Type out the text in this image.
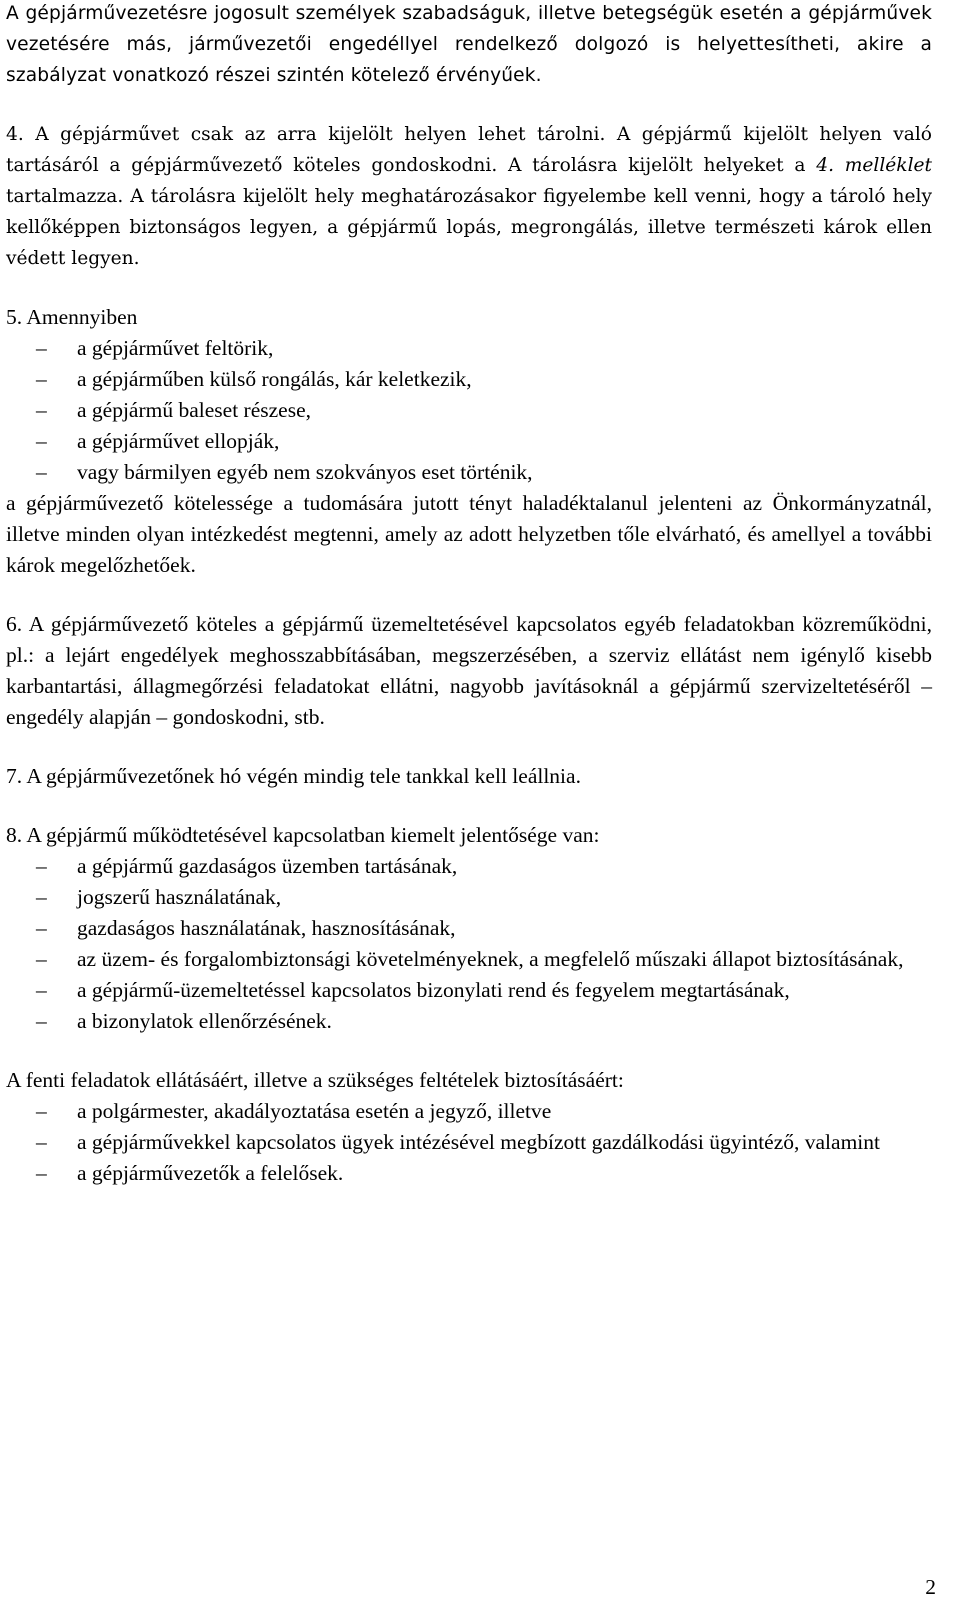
A gépjárművezetésre jogosult személyek szabadságuk, illetve betegségük esetén a gépjárművek vezetésére más, járművezetői engedéllyel rendelkező dolgozó is helyettesítheti, akire a szabályzat vonatkozó részei szintén kötelező érvényűek.

4. A gépjárművet csak az arra kijelölt helyen lehet tárolni. A gépjármű kijelölt helyen való tartásáról a gépjárművezető köteles gondoskodni. A tárolásra kijelölt helyeket a 4. melléklet tartalmazza. A tárolásra kijelölt hely meghatározásakor figyelembe kell venni, hogy a tároló hely kellőképpen biztonságos legyen, a gépjármű lopás, megrongálás, illetve természeti károk ellen védett legyen.

5. Amennyiben

–	a gépjárművet feltörik,
–	a gépjárműben külső rongálás, kár keletkezik,
–	a gépjármű baleset részese,
–	a gépjárművet ellopják,
–	vagy bármilyen egyéb nem szokványos eset történik,

a gépjárművezető kötelessége a tudomására jutott tényt haladéktalanul jelenteni az Önkormányzatnál, illetve minden olyan intézkedést megtenni, amely az adott helyzetben tőle elvárható, és amellyel a további károk megelőzhetőek.

6. A gépjárművezető köteles a gépjármű üzemeltetésével kapcsolatos egyéb feladatokban közreműködni, pl.: a lejárt engedélyek meghosszabbításában, megszerzésében, a szerviz ellátást nem igénylő kisebb karbantartási, állagmegőrzési feladatokat ellátni, nagyobb javításoknál a gépjármű szervizeltetéséről – engedély alapján – gondoskodni, stb.

7. A gépjárművezetőnek hó végén mindig tele tankkal kell leállnia.

8. A gépjármű működtetésével kapcsolatban kiemelt jelentősége van:

–	a gépjármű gazdaságos üzemben tartásának,
–	jogszerű használatának,
–	gazdaságos használatának, hasznosításának,
–	az üzem- és forgalombiztonsági követelményeknek, a megfelelő műszaki állapot biztosításának,
–	a gépjármű-üzemeltetéssel kapcsolatos bizonylati rend és fegyelem megtartásának,
–	a bizonylatok ellenőrzésének.

A fenti feladatok ellátásáért, illetve a szükséges feltételek biztosításáért:

–	a polgármester, akadályoztatása esetén a jegyző, illetve
–	a gépjárművekkel kapcsolatos ügyek intézésével megbízott gazdálkodási ügyintéző, valamint
–	a gépjárművezetők a felelősek.
2
